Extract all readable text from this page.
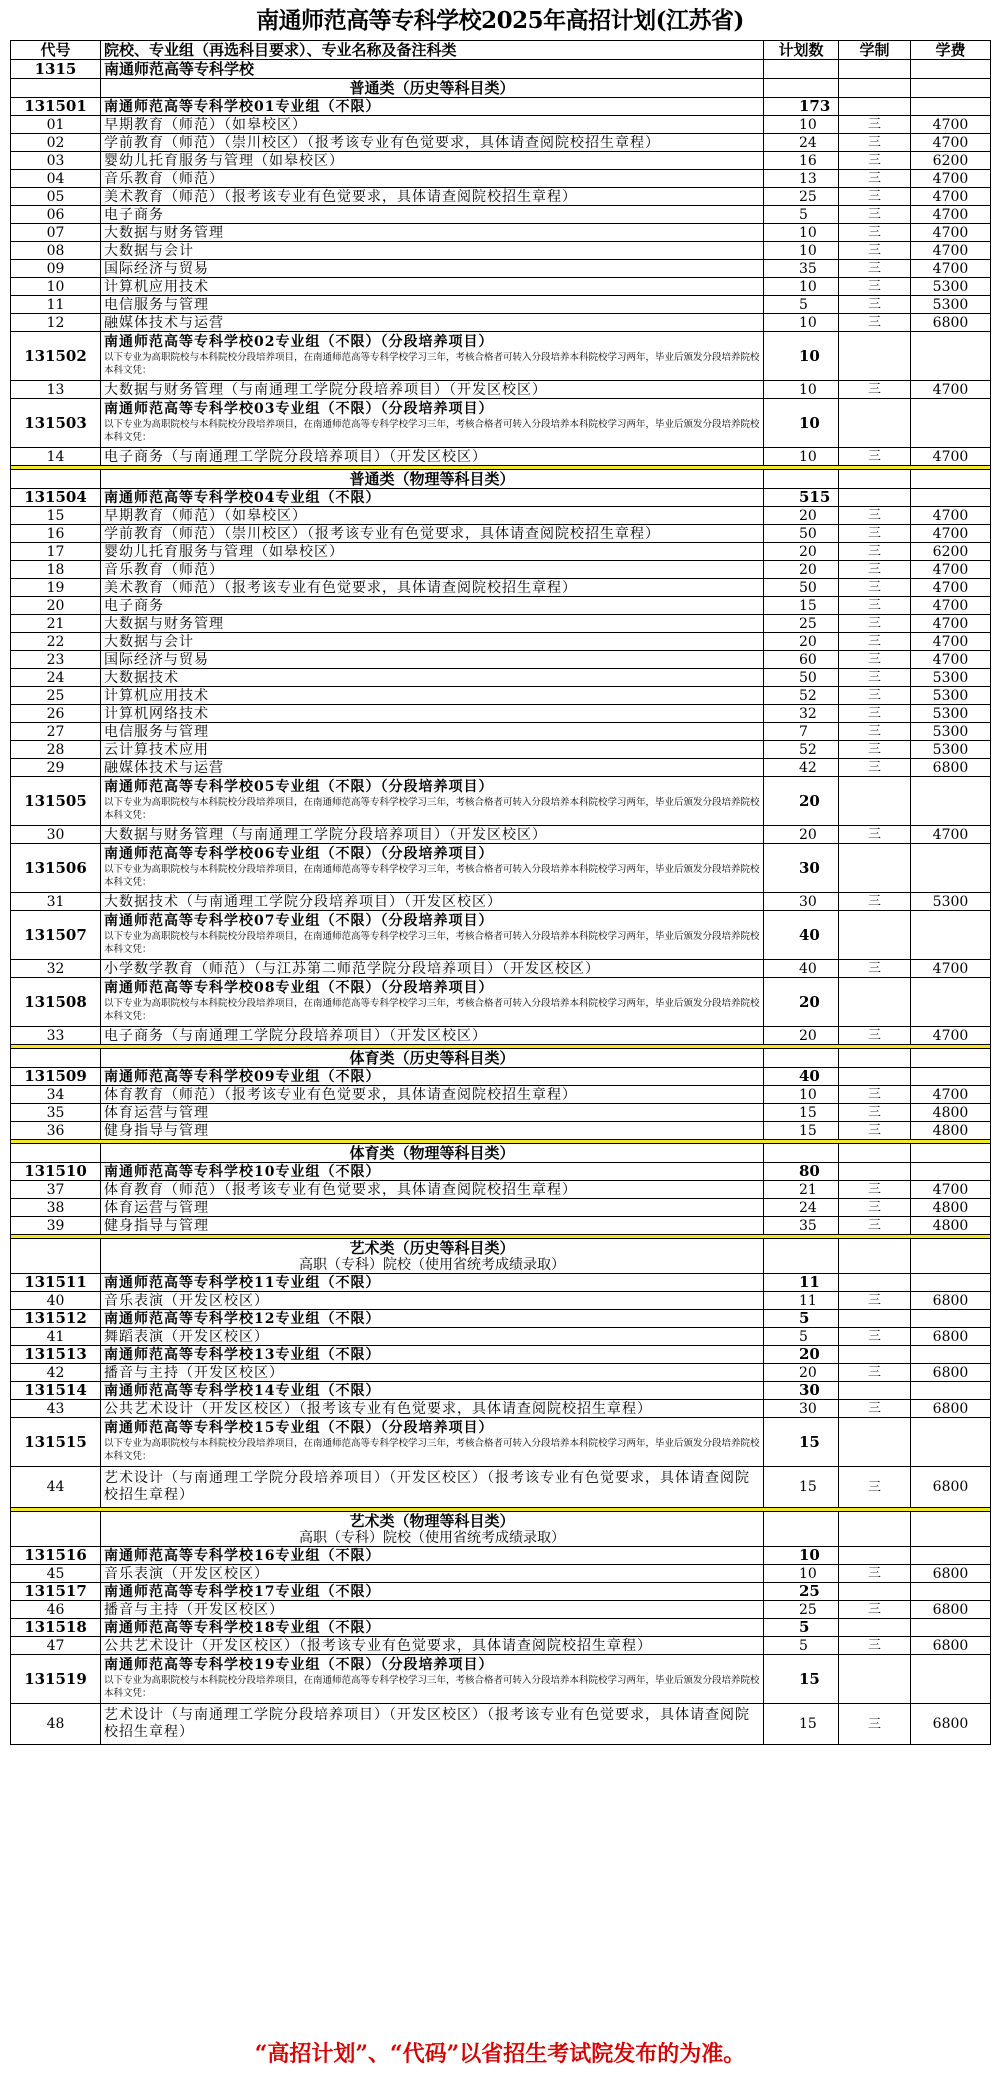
南通师范高等专科学校2025年高招计划(江苏省)
代号	院校、专业组（再选科目要求）、专业名称及备注科类	计划数	学制	学费
1315	南通师范高等专科学校			
	普通类（历史等科目类）			
131501	南通师范高等专科学校01专业组（不限）	173		
01	早期教育（师范）（如皋校区）	10	三	4700
02	学前教育（师范）（崇川校区）（报考该专业有色觉要求，具体请查阅院校招生章程）	24	三	4700
03	婴幼儿托育服务与管理（如皋校区）	16	三	6200
04	音乐教育（师范）	13	三	4700
05	美术教育（师范）（报考该专业有色觉要求，具体请查阅院校招生章程）	25	三	4700
06	电子商务	5	三	4700
07	大数据与财务管理	10	三	4700
08	大数据与会计	10	三	4700
09	国际经济与贸易	35	三	4700
10	计算机应用技术	10	三	5300
11	电信服务与管理	5	三	5300
12	融媒体技术与运营	10	三	6800
131502	南通师范高等专科学校02专业组（不限）（分段培养项目）
以下专业为高职院校与本科院校分段培养项目，在南通师范高等专科学校学习三年，考核合格者可转入分段培养本科院校学习两年，毕业后颁发分段培养院校本科文凭：	10		
13	大数据与财务管理（与南通理工学院分段培养项目）（开发区校区）	10	三	4700
131503	南通师范高等专科学校03专业组（不限）（分段培养项目）
以下专业为高职院校与本科院校分段培养项目，在南通师范高等专科学校学习三年，考核合格者可转入分段培养本科院校学习两年，毕业后颁发分段培养院校本科文凭：	10		
14	电子商务（与南通理工学院分段培养项目）（开发区校区）	10	三	4700

	普通类（物理等科目类）			
131504	南通师范高等专科学校04专业组（不限）	515		
15	早期教育（师范）（如皋校区）	20	三	4700
16	学前教育（师范）（崇川校区）（报考该专业有色觉要求，具体请查阅院校招生章程）	50	三	4700
17	婴幼儿托育服务与管理（如皋校区）	20	三	6200
18	音乐教育（师范）	20	三	4700
19	美术教育（师范）（报考该专业有色觉要求，具体请查阅院校招生章程）	50	三	4700
20	电子商务	15	三	4700
21	大数据与财务管理	25	三	4700
22	大数据与会计	20	三	4700
23	国际经济与贸易	60	三	4700
24	大数据技术	50	三	5300
25	计算机应用技术	52	三	5300
26	计算机网络技术	32	三	5300
27	电信服务与管理	7	三	5300
28	云计算技术应用	52	三	5300
29	融媒体技术与运营	42	三	6800
131505	南通师范高等专科学校05专业组（不限）（分段培养项目）
以下专业为高职院校与本科院校分段培养项目，在南通师范高等专科学校学习三年，考核合格者可转入分段培养本科院校学习两年，毕业后颁发分段培养院校本科文凭：	20		
30	大数据与财务管理（与南通理工学院分段培养项目）（开发区校区）	20	三	4700
131506	南通师范高等专科学校06专业组（不限）（分段培养项目）
以下专业为高职院校与本科院校分段培养项目，在南通师范高等专科学校学习三年，考核合格者可转入分段培养本科院校学习两年，毕业后颁发分段培养院校本科文凭：	30		
31	大数据技术（与南通理工学院分段培养项目）（开发区校区）	30	三	5300
131507	南通师范高等专科学校07专业组（不限）（分段培养项目）
以下专业为高职院校与本科院校分段培养项目，在南通师范高等专科学校学习三年，考核合格者可转入分段培养本科院校学习两年，毕业后颁发分段培养院校本科文凭：	40		
32	小学数学教育（师范）（与江苏第二师范学院分段培养项目）（开发区校区）	40	三	4700
131508	南通师范高等专科学校08专业组（不限）（分段培养项目）
以下专业为高职院校与本科院校分段培养项目，在南通师范高等专科学校学习三年，考核合格者可转入分段培养本科院校学习两年，毕业后颁发分段培养院校本科文凭：	20		
33	电子商务（与南通理工学院分段培养项目）（开发区校区）	20	三	4700

	体育类（历史等科目类）			
131509	南通师范高等专科学校09专业组（不限）	40		
34	体育教育（师范）（报考该专业有色觉要求，具体请查阅院校招生章程）	10	三	4700
35	体育运营与管理	15	三	4800
36	健身指导与管理	15	三	4800

	体育类（物理等科目类）			
131510	南通师范高等专科学校10专业组（不限）	80		
37	体育教育（师范）（报考该专业有色觉要求，具体请查阅院校招生章程）	21	三	4700
38	体育运营与管理	24	三	4800
39	健身指导与管理	35	三	4800

	艺术类（历史等科目类）
高职（专科）院校（使用省统考成绩录取）			

131511	南通师范高等专科学校11专业组（不限）	11		
40	音乐表演（开发区校区）	11	三	6800
131512	南通师范高等专科学校12专业组（不限）	5		
41	舞蹈表演（开发区校区）	5	三	6800
131513	南通师范高等专科学校13专业组（不限）	20		
42	播音与主持（开发区校区）	20	三	6800
131514	南通师范高等专科学校14专业组（不限）	30		
43	公共艺术设计（开发区校区）（报考该专业有色觉要求，具体请查阅院校招生章程）	30	三	6800
131515	南通师范高等专科学校15专业组（不限）（分段培养项目）
以下专业为高职院校与本科院校分段培养项目，在南通师范高等专科学校学习三年，考核合格者可转入分段培养本科院校学习两年，毕业后颁发分段培养院校本科文凭：	15		
44	艺术设计（与南通理工学院分段培养项目）（开发区校区）（报考该专业有色觉要求，具体请查阅院校招生章程）	15	三	6800

	艺术类（物理等科目类）
高职（专科）院校（使用省统考成绩录取）			

131516	南通师范高等专科学校16专业组（不限）	10		
45	音乐表演（开发区校区）	10	三	6800
131517	南通师范高等专科学校17专业组（不限）	25		
46	播音与主持（开发区校区）	25	三	6800
131518	南通师范高等专科学校18专业组（不限）	5		
47	公共艺术设计（开发区校区）（报考该专业有色觉要求，具体请查阅院校招生章程）	5	三	6800
131519	南通师范高等专科学校19专业组（不限）（分段培养项目）
以下专业为高职院校与本科院校分段培养项目，在南通师范高等专科学校学习三年，考核合格者可转入分段培养本科院校学习两年，毕业后颁发分段培养院校本科文凭：	15		
48	艺术设计（与南通理工学院分段培养项目）（开发区校区）（报考该专业有色觉要求，具体请查阅院校招生章程）	15	三	6800
“高招计划”、“代码”以省招生考试院发布的为准。
